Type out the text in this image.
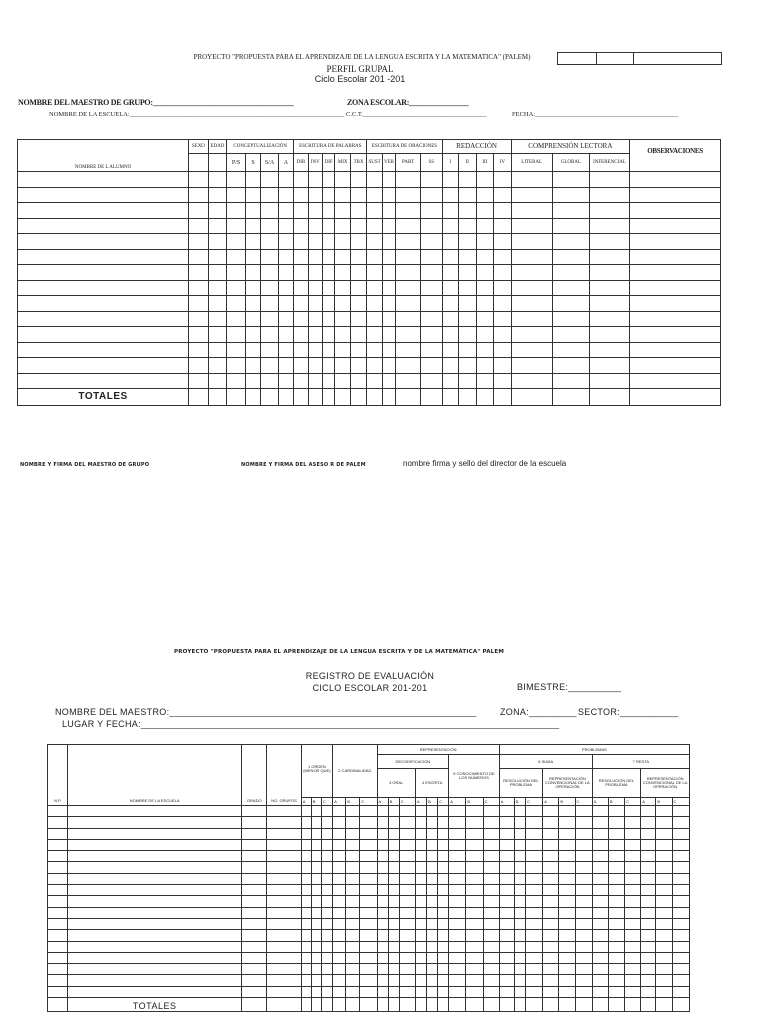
PROYECTO "PROPUESTA PARA EL APRENDIZAJE DE LA LENGUA ESCRITA Y LA MATEMATICA" (PALEM)
PERFIL GRUPAL
Ciclo Escolar 201 -201
NOMBRE DEL MAESTRO DE GRUPO:______________________________________	ZONA ESCOLAR:________________
NOMBRE DE LA ESCUELA:__________________________________________________________________ C.C.T.______________________________________	FECHA:____________________________________________
NOMBRE DE L ALUMNO	SEXO	EDAD	CONCEPTUALIZACIÓN				ESCRITURA DE PALABRAS					ESCRITURA DE ORACIONES				REDACCIÓN				COMPRENSIÓN LECTORA			OBSERVACIONES
			P/S	S	S/A	A	DIR	INV	DIF	MIX	TRX	SUST	VER	PART	SS	I	II	III	IV	LITERAL	GLOBAL	INFERENCIAL	

TOTALES																							
NOMBRE Y FIRMA DEL MAESTRO DE GRUPO	NOMBRE Y FIRMA DEL ASESO R DE PALEM	nombre firma y sello del director de la escuela
PROYECTO "PROPUESTA PARA EL APRENDIZAJE DE LA LENGUA ESCRITA Y DE LA MATEMÁTICA" PALEM
REGISTRO DE EVALUACIÓN
CICLO ESCOLAR 201-201	BIMESTRE:__________
NOMBRE DEL MAESTRO:_____________________________________________________________________	ZONA:_________ SECTOR:___________
LUGAR Y FECHA:______________________________________________________________________________________________
N.P.	NOMBRE DE LA ESCUELA	GRADO	NO. GRUPOS	1 ORDEN (MENOR QUE)			2 CARDINALIDAD			REPRESENTACIÓN									PROBLEMAS											
										DECODIFICACIÓN						5 CONOCIMIENTO DE LOS NÚMEROS			6 SUMA						7 RESTA					
										3 ORAL			4 ESCRITA						RESOLUCIÓN DEL PROBLEMA			REPRESENTACIÓN CONVENCIONAL DE LA OPERACIÓN			RESOLUCIÓN DEL PROBLEMA			REPRESENTACIÓN CONVENCIONAL DE LA OPERACIÓN		
				A	B	C	A	B	C	A	B	C	A	B	C	A	B	C	A	B	C	A	B	C	A	B	C	A	B	C

	TOTALES																													
